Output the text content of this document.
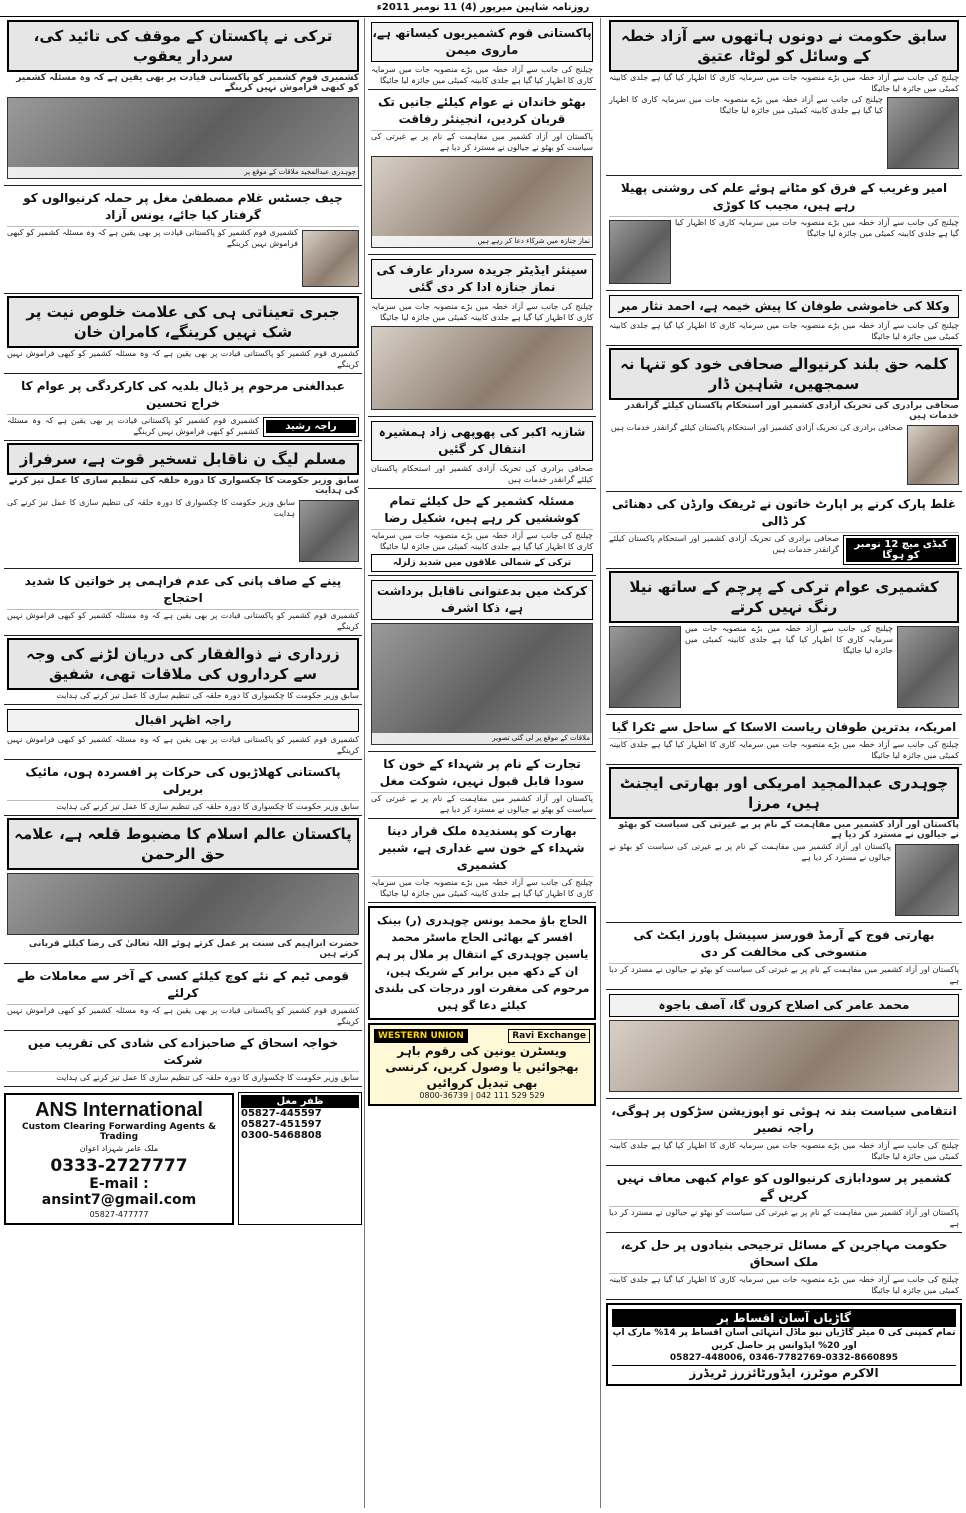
روزنامہ شاہین میرپور (4) 11 نومبر 2011ء
سابق حکومت نے دونوں ہاتھوں سے آزاد خطہ کے وسائل کو لوٹا، عتیق
چیلنج کی جانب سے آزاد خطہ میں بڑے منصوبہ جات میں سرمایہ کاری کا اظہار کیا گیا ہے جلدی کابینہ کمیٹی میں جائزہ لیا جائیگا
چیلنج کی جانب سے آزاد خطہ میں بڑے منصوبہ جات میں سرمایہ کاری کا اظہار کیا گیا ہے جلدی کابینہ کمیٹی میں جائزہ لیا جائیگا
امیر وغریب کے فرق کو مٹانے ہوئے علم کی روشنی پھیلا رہے ہیں، مجیب کا کوڑی
چیلنج کی جانب سے آزاد خطہ میں بڑے منصوبہ جات میں سرمایہ کاری کا اظہار کیا گیا ہے جلدی کابینہ کمیٹی میں جائزہ لیا جائیگا
وکلا کی خاموشی طوفان کا پیش خیمہ ہے، احمد نثار میر
چیلنج کی جانب سے آزاد خطہ میں بڑے منصوبہ جات میں سرمایہ کاری کا اظہار کیا گیا ہے جلدی کابینہ کمیٹی میں جائزہ لیا جائیگا
کلمہ حق بلند کرنیوالے صحافی خود کو تنہا نہ سمجھیں، شاہین ڈار
صحافی برادری کی تحریک آزادی کشمیر اور استحکام پاکستان کیلئے گرانقدر خدمات ہیں
صحافی برادری کی تحریک آزادی کشمیر اور استحکام پاکستان کیلئے گرانقدر خدمات ہیں
غلط پارک کرنے پر اپارٹ خاتون نے ٹریفک وارڈن کی دھنائی کر ڈالی
صحافی برادری کی تحریک آزادی کشمیر اور استحکام پاکستان کیلئے گرانقدر خدمات ہیں	کبڈی میچ 12 نومبر کو ہوگا
کشمیری عوام ترکی کے پرچم کے ساتھ نیلا رنگ نہیں کرتے
چیلنج کی جانب سے آزاد خطہ میں بڑے منصوبہ جات میں سرمایہ کاری کا اظہار کیا گیا ہے جلدی کابینہ کمیٹی میں جائزہ لیا جائیگا
امریکہ، بدترین طوفان ریاست الاسکا کے ساحل سے ٹکرا گیا
چیلنج کی جانب سے آزاد خطہ میں بڑے منصوبہ جات میں سرمایہ کاری کا اظہار کیا گیا ہے جلدی کابینہ کمیٹی میں جائزہ لیا جائیگا
چوہدری عبدالمجید امریکی اور بھارتی ایجنٹ ہیں، مرزا
پاکستان اور آزاد کشمیر میں مفاہمت کے نام پر بے غیرتی کی سیاست کو بھٹو نے جیالوں نے مسترد کر دیا ہے
پاکستان اور آزاد کشمیر میں مفاہمت کے نام پر بے غیرتی کی سیاست کو بھٹو نے جیالوں نے مسترد کر دیا ہے
بھارتی فوج کے آرمڈ فورسز سپیشل پاورز ایکٹ کی منسوخی کی مخالفت کر دی
پاکستان اور آزاد کشمیر میں مفاہمت کے نام پر بے غیرتی کی سیاست کو بھٹو نے جیالوں نے مسترد کر دیا ہے
محمد عامر کی اصلاح کروں گا، آصف باجوہ
انتقامی سیاست بند نہ ہوئی تو اپوزیشن سڑکوں پر ہوگی، راجہ نصیر
چیلنج کی جانب سے آزاد خطہ میں بڑے منصوبہ جات میں سرمایہ کاری کا اظہار کیا گیا ہے جلدی کابینہ کمیٹی میں جائزہ لیا جائیگا
کشمیر پر سودابازی کرنیوالوں کو عوام کبھی معاف نہیں کریں گے
پاکستان اور آزاد کشمیر میں مفاہمت کے نام پر بے غیرتی کی سیاست کو بھٹو نے جیالوں نے مسترد کر دیا ہے
حکومت مہاجرین کے مسائل ترجیحی بنیادوں پر حل کرے، ملک اسحاق
چیلنج کی جانب سے آزاد خطہ میں بڑے منصوبہ جات میں سرمایہ کاری کا اظہار کیا گیا ہے جلدی کابینہ کمیٹی میں جائزہ لیا جائیگا
گاڑیاں آسان اقساط پر
تمام کمپنی کی 0 میٹر گاڑیاں نیو ماڈل انتہائی آسان اقساط پر 14% مارک اپ اور 20% ایڈوانس پر حاصل کریں
05827-448006, 0346-7782769-0332-8660895
الاکرم موٹرز، ایڈورٹائزرز ٹریڈرز
پاکستانی قوم کشمیریوں کیساتھ ہے، ماروی میمن
چیلنج کی جانب سے آزاد خطہ میں بڑے منصوبہ جات میں سرمایہ کاری کا اظہار کیا گیا ہے جلدی کابینہ کمیٹی میں جائزہ لیا جائیگا
بھٹو خاندان نے عوام کیلئے جانیں تک قربان کردیں، انجینئر رفاقت
پاکستان اور آزاد کشمیر میں مفاہمت کے نام پر بے غیرتی کی سیاست کو بھٹو نے جیالوں نے مسترد کر دیا ہے
نماز جنازہ میں شرکاء دعا کر رہے ہیں
سینئر ایڈیٹر جریدہ سردار عارف کی نماز جنازہ ادا کر دی گئی
چیلنج کی جانب سے آزاد خطہ میں بڑے منصوبہ جات میں سرمایہ کاری کا اظہار کیا گیا ہے جلدی کابینہ کمیٹی میں جائزہ لیا جائیگا
شازیہ اکبر کی پھوپھی زاد ہمشیرہ انتقال کر گئیں
صحافی برادری کی تحریک آزادی کشمیر اور استحکام پاکستان کیلئے گرانقدر خدمات ہیں
مسئلہ کشمیر کے حل کیلئے تمام کوششیں کر رہے ہیں، شکیل رضا
چیلنج کی جانب سے آزاد خطہ میں بڑے منصوبہ جات میں سرمایہ کاری کا اظہار کیا گیا ہے جلدی کابینہ کمیٹی میں جائزہ لیا جائیگا
ترکی کے شمالی علاقوں میں شدید زلزلہ
کرکٹ میں بدعنوانی ناقابل برداشت ہے، ذکا اشرف
ملاقات کے موقع پر لی گئی تصویر
تجارت کے نام پر شہداء کے خون کا سودا قابل قبول نہیں، شوکت مغل
پاکستان اور آزاد کشمیر میں مفاہمت کے نام پر بے غیرتی کی سیاست کو بھٹو نے جیالوں نے مسترد کر دیا ہے
بھارت کو پسندیدہ ملک قرار دینا شہداء کے خون سے غداری ہے، شبیر کشمیری
چیلنج کی جانب سے آزاد خطہ میں بڑے منصوبہ جات میں سرمایہ کاری کا اظہار کیا گیا ہے جلدی کابینہ کمیٹی میں جائزہ لیا جائیگا
الحاج باؤ محمد یونس چوہدری (ر) بینک افسر کے بھائی الحاج ماسٹر محمد یاسین چوہدری کے انتقال پر ملال پر ہم ان کے دکھ میں برابر کے شریک ہیں، مرحوم کی مغفرت اور درجات کی بلندی کیلئے دعا گو ہیں
WESTERN UNION	Ravi Exchange
ویسٹرن یونین کی رقوم باہر بھجوائیں یا وصول کریں، کرنسی بھی تبدیل کروائیں
0800-36739 | 042 111 529 529
ترکی نے پاکستان کے موقف کی تائید کی، سردار یعقوب
کشمیری قوم کشمیر کو پاکستانی قیادت پر بھی یقین ہے کہ وہ مسئلہ کشمیر کو کبھی فراموش نہیں کرینگے
چوہدری عبدالمجید ملاقات کے موقع پر
چیف جسٹس غلام مصطفیٰ مغل پر حملہ کرنیوالوں کو گرفتار کیا جائے، یونس آزاد
کشمیری قوم کشمیر کو پاکستانی قیادت پر بھی یقین ہے کہ وہ مسئلہ کشمیر کو کبھی فراموش نہیں کرینگے
جبری تعیناتی ہی کی علامت خلوص نیت پر شک نہیں کرینگے، کامران خان
کشمیری قوم کشمیر کو پاکستانی قیادت پر بھی یقین ہے کہ وہ مسئلہ کشمیر کو کبھی فراموش نہیں کرینگے
عبدالغنی مرحوم پر ڈیال بلدیہ کی کارکردگی پر عوام کا خراج تحسین
کشمیری قوم کشمیر کو پاکستانی قیادت پر بھی یقین ہے کہ وہ مسئلہ کشمیر کو کبھی فراموش نہیں کرینگے	راجہ رشید
مسلم لیگ ن ناقابل تسخیر قوت ہے، سرفراز
سابق وزیر حکومت کا چکسواری کا دورہ حلقہ کی تنظیم سازی کا عمل تیز کرنے کی ہدایت
سابق وزیر حکومت کا چکسواری کا دورہ حلقہ کی تنظیم سازی کا عمل تیز کرنے کی ہدایت
پینے کے صاف پانی کی عدم فراہمی پر خواتین کا شدید احتجاج
کشمیری قوم کشمیر کو پاکستانی قیادت پر بھی یقین ہے کہ وہ مسئلہ کشمیر کو کبھی فراموش نہیں کرینگے
زرداری نے ذوالفقار کی دریان لڑنے کی وجہ سے کرداروں کی ملاقات تھی، شفیق
سابق وزیر حکومت کا چکسواری کا دورہ حلقہ کی تنظیم سازی کا عمل تیز کرنے کی ہدایت
راجہ اظہر اقبال
کشمیری قوم کشمیر کو پاکستانی قیادت پر بھی یقین ہے کہ وہ مسئلہ کشمیر کو کبھی فراموش نہیں کرینگے
پاکستانی کھلاڑیوں کی حرکات پر افسردہ ہوں، مائیک بریرلی
سابق وزیر حکومت کا چکسواری کا دورہ حلقہ کی تنظیم سازی کا عمل تیز کرنے کی ہدایت
پاکستان عالم اسلام کا مضبوط قلعہ ہے، علامہ حق الرحمن
حضرت ابراہیم کی سنت پر عمل کرتے ہوئے اللہ تعالیٰ کی رضا کیلئے قربانی کرتے ہیں
قومی ٹیم کے نئے کوچ کیلئے کسی کے آخر سے معاملات طے کرلئے
کشمیری قوم کشمیر کو پاکستانی قیادت پر بھی یقین ہے کہ وہ مسئلہ کشمیر کو کبھی فراموش نہیں کرینگے
خواجہ اسحاق کے صاحبزادے کی شادی کی تقریب میں شرکت
سابق وزیر حکومت کا چکسواری کا دورہ حلقہ کی تنظیم سازی کا عمل تیز کرنے کی ہدایت
ANS International
Custom Clearing Forwarding Agents & Trading
ملک عامر شہزاد اعوان
0333-2727777
E-mail : ansint7@gmail.com
05827-477777
ظفر مغل
05827-445597
05827-451597
0300-5468808
